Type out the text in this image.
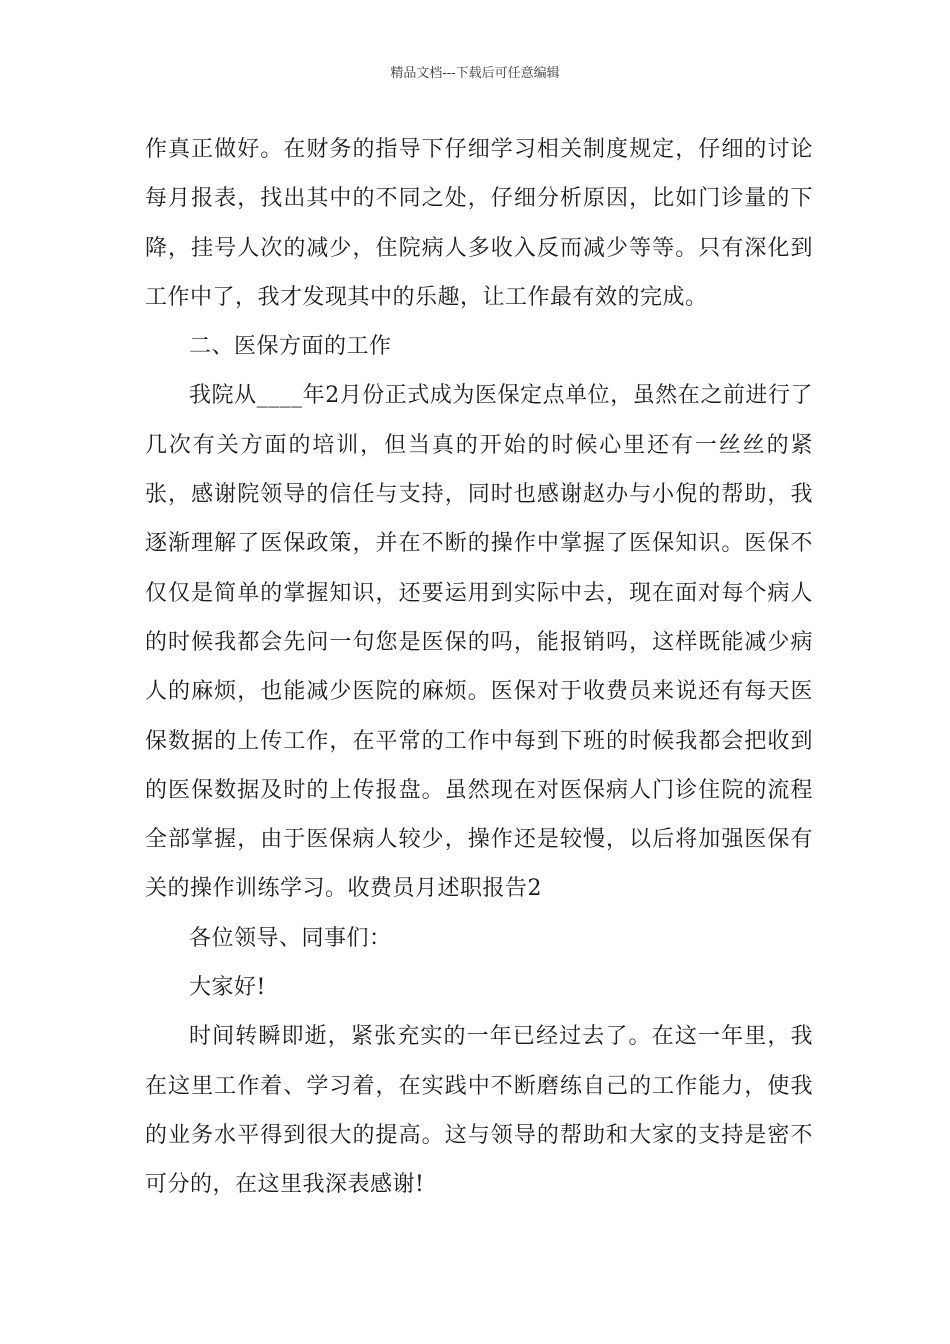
精品文档---下载后可任意编辑

作真正做好。在财务的指导下仔细学习相关制度规定，仔细的讨论每月报表，找出其中的不同之处，仔细分析原因，比如门诊量的下降，挂号人次的减少，住院病人多收入反而减少等等。只有深化到工作中了，我才发现其中的乐趣，让工作最有效的完成。

二、医保方面的工作

我院从____年2月份正式成为医保定点单位，虽然在之前进行了几次有关方面的培训，但当真的开始的时候心里还有一丝丝的紧张，感谢院领导的信任与支持，同时也感谢赵办与小倪的帮助，我逐渐理解了医保政策，并在不断的操作中掌握了医保知识。医保不仅仅是简单的掌握知识，还要运用到实际中去，现在面对每个病人的时候我都会先问一句您是医保的吗，能报销吗，这样既能减少病人的麻烦，也能减少医院的麻烦。医保对于收费员来说还有每天医保数据的上传工作，在平常的工作中每到下班的时候我都会把收到的医保数据及时的上传报盘。虽然现在对医保病人门诊住院的流程全部掌握，由于医保病人较少，操作还是较慢，以后将加强医保有关的操作训练学习。收费员月述职报告2

各位领导、同事们：

大家好!

时间转瞬即逝，紧张充实的一年已经过去了。在这一年里，我在这里工作着、学习着，在实践中不断磨练自己的工作能力，使我的业务水平得到很大的提高。这与领导的帮助和大家的支持是密不可分的，在这里我深表感谢!
